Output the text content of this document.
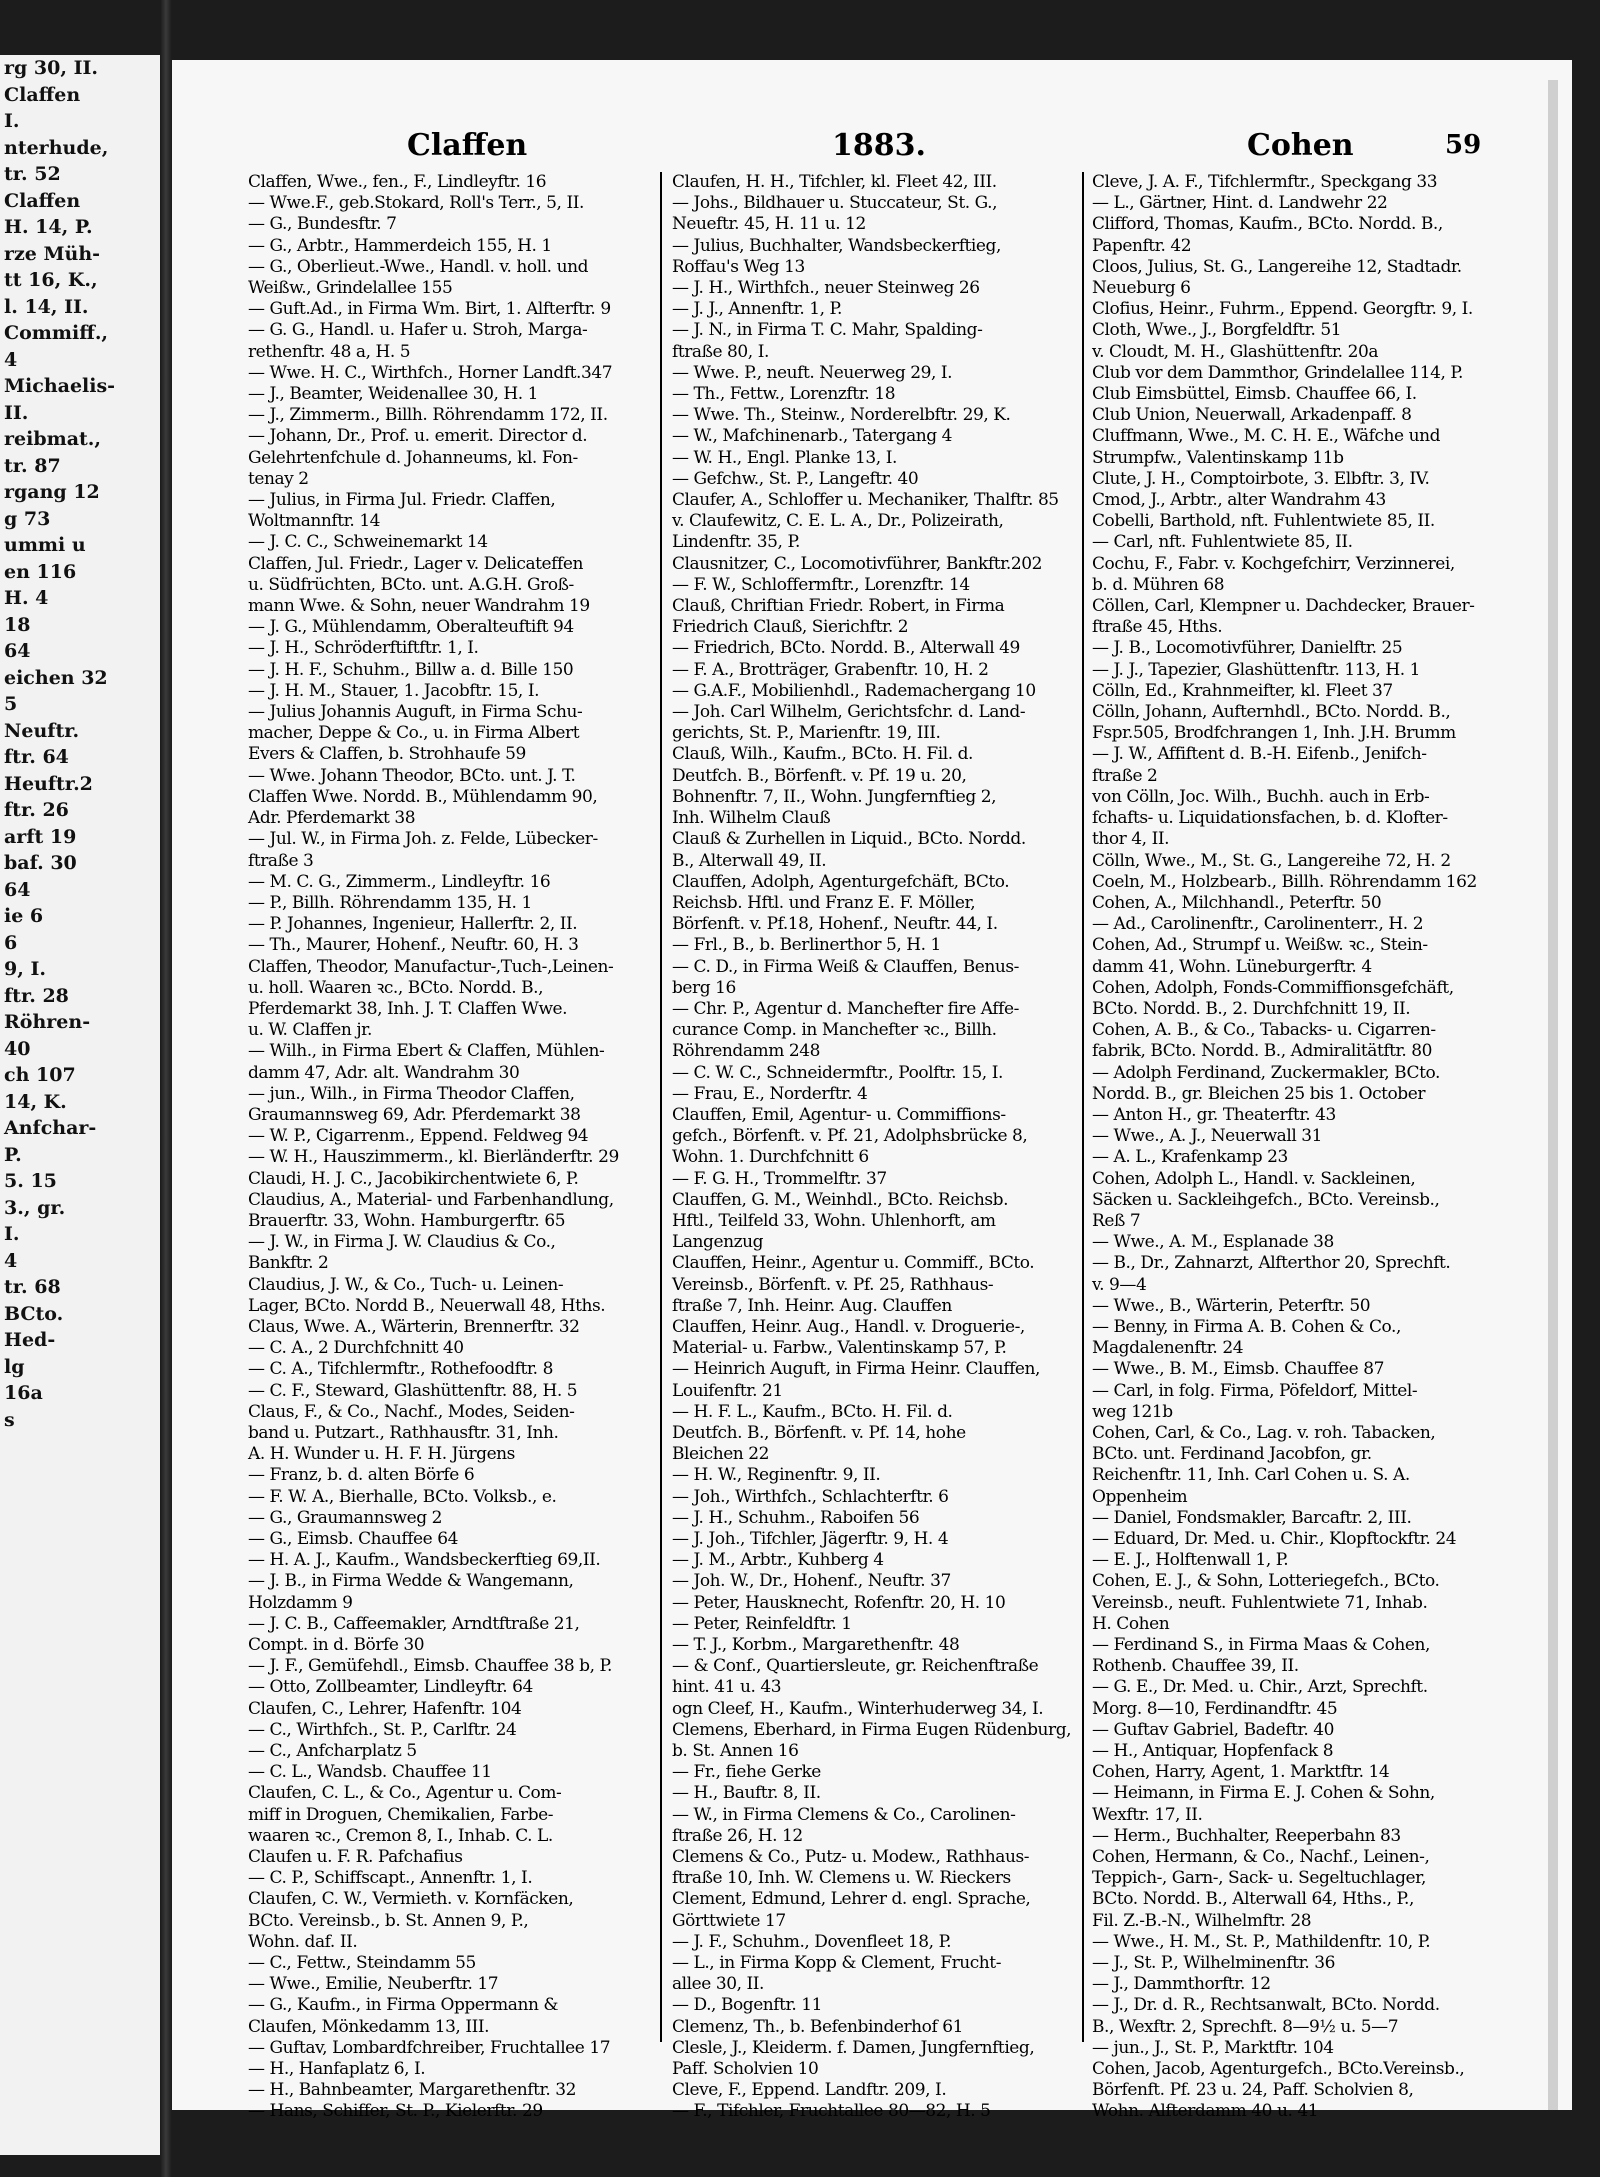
rg 30, II.
Claffen
I.
nterhude,
tr. 52
Claffen
H. 14, P.
rze Müh-
tt 16, K.,
l. 14, II.
Commiff.,
4
Michaelis-
II.
reibmat.,
tr. 87
rgang 12
g 73
ummi u
en 116
H. 4
18
64
eichen 32
5
Neuftr.
ftr. 64
Heuftr.2
ftr. 26
arft 19
baf. 30
64
ie 6
6
9, I.
ftr. 28
Röhren-
40
ch 107
14, K.
Anfchar-
P.
5. 15
3., gr.
I.
4
tr. 68
BCto.
Hed-
lg
16a
s
Claffen	1883.	Cohen	59
Claffen, Wwe., fen., F., Lindleyftr. 16
— Wwe.F., geb.Stokard, Roll's Terr., 5, II.
— G., Bundesftr. 7
— G., Arbtr., Hammerdeich 155, H. 1
— G., Oberlieut.-Wwe., Handl. v. holl. und
Weißw., Grindelallee 155
— Guft.Ad., in Firma Wm. Birt, 1. Alfterftr. 9
— G. G., Handl. u. Hafer u. Stroh, Marga-
rethenftr. 48 a, H. 5
— Wwe. H. C., Wirthfch., Horner Landft.347
— J., Beamter, Weidenallee 30, H. 1
— J., Zimmerm., Billh. Röhrendamm 172, II.
— Johann, Dr., Prof. u. emerit. Director d.
Gelehrtenfchule d. Johanneums, kl. Fon-
tenay 2
— Julius, in Firma Jul. Friedr. Claffen,
Woltmannftr. 14
— J. C. C., Schweinemarkt 14
Claffen, Jul. Friedr., Lager v. Delicateffen
u. Südfrüchten, BCto. unt. A.G.H. Groß-
mann Wwe. & Sohn, neuer Wandrahm 19
— J. G., Mühlendamm, Oberalteuftift 94
— J. H., Schröderftiftftr. 1, I.
— J. H. F., Schuhm., Billw a. d. Bille 150
— J. H. M., Stauer, 1. Jacobftr. 15, I.
— Julius Johannis Auguft, in Firma Schu-
macher, Deppe & Co., u. in Firma Albert
Evers & Claffen, b. Strohhaufe 59
— Wwe. Johann Theodor, BCto. unt. J. T.
Claffen Wwe. Nordd. B., Mühlendamm 90,
Adr. Pferdemarkt 38
— Jul. W., in Firma Joh. z. Felde, Lübecker-
ftraße 3
— M. C. G., Zimmerm., Lindleyftr. 16
— P., Billh. Röhrendamm 135, H. 1
— P. Johannes, Ingenieur, Hallerftr. 2, II.
— Th., Maurer, Hohenf., Neuftr. 60, H. 3
Claffen, Theodor, Manufactur-,Tuch-,Leinen-
u. holl. Waaren ꝛc., BCto. Nordd. B.,
Pferdemarkt 38, Inh. J. T. Claffen Wwe.
u. W. Claffen jr.
— Wilh., in Firma Ebert & Claffen, Mühlen-
damm 47, Adr. alt. Wandrahm 30
— jun., Wilh., in Firma Theodor Claffen,
Graumannsweg 69, Adr. Pferdemarkt 38
— W. P., Cigarrenm., Eppend. Feldweg 94
— W. H., Hauszimmerm., kl. Bierländerftr. 29
Claudi, H. J. C., Jacobikirchentwiete 6, P.
Claudius, A., Material- und Farbenhandlung,
Brauerftr. 33, Wohn. Hamburgerftr. 65
— J. W., in Firma J. W. Claudius & Co.,
Bankftr. 2
Claudius, J. W., & Co., Tuch- u. Leinen-
Lager, BCto. Nordd B., Neuerwall 48, Hths.
Claus, Wwe. A., Wärterin, Brennerftr. 32
— C. A., 2 Durchfchnitt 40
— C. A., Tifchlermftr., Rothefoodftr. 8
— C. F., Steward, Glashüttenftr. 88, H. 5
Claus, F., & Co., Nachf., Modes, Seiden-
band u. Putzart., Rathhausftr. 31, Inh.
A. H. Wunder u. H. F. H. Jürgens
— Franz, b. d. alten Börfe 6
— F. W. A., Bierhalle, BCto. Volksb., e.
— G., Graumannsweg 2
— G., Eimsb. Chauffee 64
— H. A. J., Kaufm., Wandsbeckerftieg 69,II.
— J. B., in Firma Wedde & Wangemann,
Holzdamm 9
— J. C. B., Caffeemakler, Arndtftraße 21,
Compt. in d. Börfe 30
— J. F., Gemüfehdl., Eimsb. Chauffee 38 b, P.
— Otto, Zollbeamter, Lindleyftr. 64
Claufen, C., Lehrer, Hafenftr. 104
— C., Wirthfch., St. P., Carlftr. 24
— C., Anfcharplatz 5
— C. L., Wandsb. Chauffee 11
Claufen, C. L., & Co., Agentur u. Com-
miff in Droguen, Chemikalien, Farbe-
waaren ꝛc., Cremon 8, I., Inhab. C. L.
Claufen u. F. R. Pafchafius
— C. P., Schiffscapt., Annenftr. 1, I.
Claufen, C. W., Vermieth. v. Kornfäcken,
BCto. Vereinsb., b. St. Annen 9, P.,
Wohn. daf. II.
— C., Fettw., Steindamm 55
— Wwe., Emilie, Neuberftr. 17
— G., Kaufm., in Firma Oppermann &
Claufen, Mönkedamm 13, III.
— Guftav, Lombardfchreiber, Fruchtallee 17
— H., Hanfaplatz 6, I.
— H., Bahnbeamter, Margarethenftr. 32
— Hans, Schiffer, St. P., Kielerftr. 29
Claufen, H. H., Tifchler, kl. Fleet 42, III.
— Johs., Bildhauer u. Stuccateur, St. G.,
Neueftr. 45, H. 11 u. 12
— Julius, Buchhalter, Wandsbeckerftieg,
Roffau's Weg 13
— J. H., Wirthfch., neuer Steinweg 26
— J. J., Annenftr. 1, P.
— J. N., in Firma T. C. Mahr, Spalding-
ftraße 80, I.
— Wwe. P., neuft. Neuerweg 29, I.
— Th., Fettw., Lorenzftr. 18
— Wwe. Th., Steinw., Norderelbftr. 29, K.
— W., Mafchinenarb., Tatergang 4
— W. H., Engl. Planke 13, I.
— Gefchw., St. P., Langeftr. 40
Claufer, A., Schloffer u. Mechaniker, Thalftr. 85
v. Claufewitz, C. E. L. A., Dr., Polizeirath,
Lindenftr. 35, P.
Clausnitzer, C., Locomotivführer, Bankftr.202
— F. W., Schloffermftr., Lorenzftr. 14
Clauß, Chriftian Friedr. Robert, in Firma
Friedrich Clauß, Sierichftr. 2
— Friedrich, BCto. Nordd. B., Alterwall 49
— F. A., Brotträger, Grabenftr. 10, H. 2
— G.A.F., Mobilienhdl., Rademachergang 10
— Joh. Carl Wilhelm, Gerichtsfchr. d. Land-
gerichts, St. P., Marienftr. 19, III.
Clauß, Wilh., Kaufm., BCto. H. Fil. d.
Deutfch. B., Börfenft. v. Pf. 19 u. 20,
Bohnenftr. 7, II., Wohn. Jungfernftieg 2,
Inh. Wilhelm Clauß
Clauß & Zurhellen in Liquid., BCto. Nordd.
B., Alterwall 49, II.
Clauffen, Adolph, Agenturgefchäft, BCto.
Reichsb. Hftl. und Franz E. F. Möller,
Börfenft. v. Pf.18, Hohenf., Neuftr. 44, I.
— Frl., B., b. Berlinerthor 5, H. 1
— C. D., in Firma Weiß & Clauffen, Benus-
berg 16
— Chr. P., Agentur d. Manchefter fire Affe-
curance Comp. in Manchefter ꝛc., Billh.
Röhrendamm 248
— C. W. C., Schneidermftr., Poolftr. 15, I.
— Frau, E., Norderftr. 4
Clauffen, Emil, Agentur- u. Commiffions-
gefch., Börfenft. v. Pf. 21, Adolphsbrücke 8,
Wohn. 1. Durchfchnitt 6
— F. G. H., Trommelftr. 37
Clauffen, G. M., Weinhdl., BCto. Reichsb.
Hftl., Teilfeld 33, Wohn. Uhlenhorft, am
Langenzug
Clauffen, Heinr., Agentur u. Commiff., BCto.
Vereinsb., Börfenft. v. Pf. 25, Rathhaus-
ftraße 7, Inh. Heinr. Aug. Clauffen
Clauffen, Heinr. Aug., Handl. v. Droguerie-,
Material- u. Farbw., Valentinskamp 57, P.
— Heinrich Auguft, in Firma Heinr. Clauffen,
Louifenftr. 21
— H. F. L., Kaufm., BCto. H. Fil. d.
Deutfch. B., Börfenft. v. Pf. 14, hohe
Bleichen 22
— H. W., Reginenftr. 9, II.
— Joh., Wirthfch., Schlachterftr. 6
— J. H., Schuhm., Raboifen 56
— J. Joh., Tifchler, Jägerftr. 9, H. 4
— J. M., Arbtr., Kuhberg 4
— Joh. W., Dr., Hohenf., Neuftr. 37
— Peter, Hausknecht, Rofenftr. 20, H. 10
— Peter, Reinfeldftr. 1
— T. J., Korbm., Margarethenftr. 48
— & Conf., Quartiersleute, gr. Reichenftraße
hint. 41 u. 43
ogn Cleef, H., Kaufm., Winterhuderweg 34, I.
Clemens, Eberhard, in Firma Eugen Rüdenburg,
b. St. Annen 16
— Fr., fiehe Gerke
— H., Bauftr. 8, II.
— W., in Firma Clemens & Co., Carolinen-
ftraße 26, H. 12
Clemens & Co., Putz- u. Modew., Rathhaus-
ftraße 10, Inh. W. Clemens u. W. Rieckers
Clement, Edmund, Lehrer d. engl. Sprache,
Görttwiete 17
— J. F., Schuhm., Dovenfleet 18, P.
— L., in Firma Kopp & Clement, Frucht-
allee 30, II.
— D., Bogenftr. 11
Clemenz, Th., b. Befenbinderhof 61
Clesle, J., Kleiderm. f. Damen, Jungfernftieg,
Paff. Scholvien 10
Cleve, F., Eppend. Landftr. 209, I.
— F., Tifchler, Fruchtallee 80—82, H. 5
Cleve, J. A. F., Tifchlermftr., Speckgang 33
— L., Gärtner, Hint. d. Landwehr 22
Clifford, Thomas, Kaufm., BCto. Nordd. B.,
Papenftr. 42
Cloos, Julius, St. G., Langereihe 12, Stadtadr.
Neueburg 6
Clofius, Heinr., Fuhrm., Eppend. Georgftr. 9, I.
Cloth, Wwe., J., Borgfeldftr. 51
v. Cloudt, M. H., Glashüttenftr. 20a
Club vor dem Dammthor, Grindelallee 114, P.
Club Eimsbüttel, Eimsb. Chauffee 66, I.
Club Union, Neuerwall, Arkadenpaff. 8
Cluffmann, Wwe., M. C. H. E., Wäfche und
Strumpfw., Valentinskamp 11b
Clute, J. H., Comptoirbote, 3. Elbftr. 3, IV.
Cmod, J., Arbtr., alter Wandrahm 43
Cobelli, Barthold, nft. Fuhlentwiete 85, II.
— Carl, nft. Fuhlentwiete 85, II.
Cochu, F., Fabr. v. Kochgefchirr, Verzinnerei,
b. d. Mühren 68
Cöllen, Carl, Klempner u. Dachdecker, Brauer-
ftraße 45, Hths.
— J. B., Locomotivführer, Danielftr. 25
— J. J., Tapezier, Glashüttenftr. 113, H. 1
Cölln, Ed., Krahnmeifter, kl. Fleet 37
Cölln, Johann, Aufternhdl., BCto. Nordd. B.,
Fspr.505, Brodfchrangen 1, Inh. J.H. Brumm
— J. W., Affiftent d. B.-H. Eifenb., Jenifch-
ftraße 2
von Cölln, Joc. Wilh., Buchh. auch in Erb-
fchafts- u. Liquidationsfachen, b. d. Klofter-
thor 4, II.
Cölln, Wwe., M., St. G., Langereihe 72, H. 2
Coeln, M., Holzbearb., Billh. Röhrendamm 162
Cohen, A., Milchhandl., Peterftr. 50
— Ad., Carolinenftr., Carolinenterr., H. 2
Cohen, Ad., Strumpf u. Weißw. ꝛc., Stein-
damm 41, Wohn. Lüneburgerftr. 4
Cohen, Adolph, Fonds-Commiffionsgefchäft,
BCto. Nordd. B., 2. Durchfchnitt 19, II.
Cohen, A. B., & Co., Tabacks- u. Cigarren-
fabrik, BCto. Nordd. B., Admiralitätftr. 80
— Adolph Ferdinand, Zuckermakler, BCto.
Nordd. B., gr. Bleichen 25 bis 1. October
— Anton H., gr. Theaterftr. 43
— Wwe., A. J., Neuerwall 31
— A. L., Krafenkamp 23
Cohen, Adolph L., Handl. v. Sackleinen,
Säcken u. Sackleihgefch., BCto. Vereinsb.,
Reß 7
— Wwe., A. M., Esplanade 38
— B., Dr., Zahnarzt, Alfterthor 20, Sprechft.
v. 9—4
— Wwe., B., Wärterin, Peterftr. 50
— Benny, in Firma A. B. Cohen & Co.,
Magdalenenftr. 24
— Wwe., B. M., Eimsb. Chauffee 87
— Carl, in folg. Firma, Pöfeldorf, Mittel-
weg 121b
Cohen, Carl, & Co., Lag. v. roh. Tabacken,
BCto. unt. Ferdinand Jacobfon, gr.
Reichenftr. 11, Inh. Carl Cohen u. S. A.
Oppenheim
— Daniel, Fondsmakler, Barcaftr. 2, III.
— Eduard, Dr. Med. u. Chir., Klopftockftr. 24
— E. J., Holftenwall 1, P.
Cohen, E. J., & Sohn, Lotteriegefch., BCto.
Vereinsb., neuft. Fuhlentwiete 71, Inhab.
H. Cohen
— Ferdinand S., in Firma Maas & Cohen,
Rothenb. Chauffee 39, II.
— G. E., Dr. Med. u. Chir., Arzt, Sprechft.
Morg. 8—10, Ferdinandftr. 45
— Guftav Gabriel, Badeftr. 40
— H., Antiquar, Hopfenfack 8
Cohen, Harry, Agent, 1. Marktftr. 14
— Heimann, in Firma E. J. Cohen & Sohn,
Wexftr. 17, II.
— Herm., Buchhalter, Reeperbahn 83
Cohen, Hermann, & Co., Nachf., Leinen-,
Teppich-, Garn-, Sack- u. Segeltuchlager,
BCto. Nordd. B., Alterwall 64, Hths., P.,
Fil. Z.-B.-N., Wilhelmftr. 28
— Wwe., H. M., St. P., Mathildenftr. 10, P.
— J., St. P., Wilhelminenftr. 36
— J., Dammthorftr. 12
— J., Dr. d. R., Rechtsanwalt, BCto. Nordd.
B., Wexftr. 2, Sprechft. 8—9½ u. 5—7
— jun., J., St. P., Marktftr. 104
Cohen, Jacob, Agenturgefch., BCto.Vereinsb.,
Börfenft. Pf. 23 u. 24, Paff. Scholvien 8,
Wohn. Alfterdamm 40 u. 41
